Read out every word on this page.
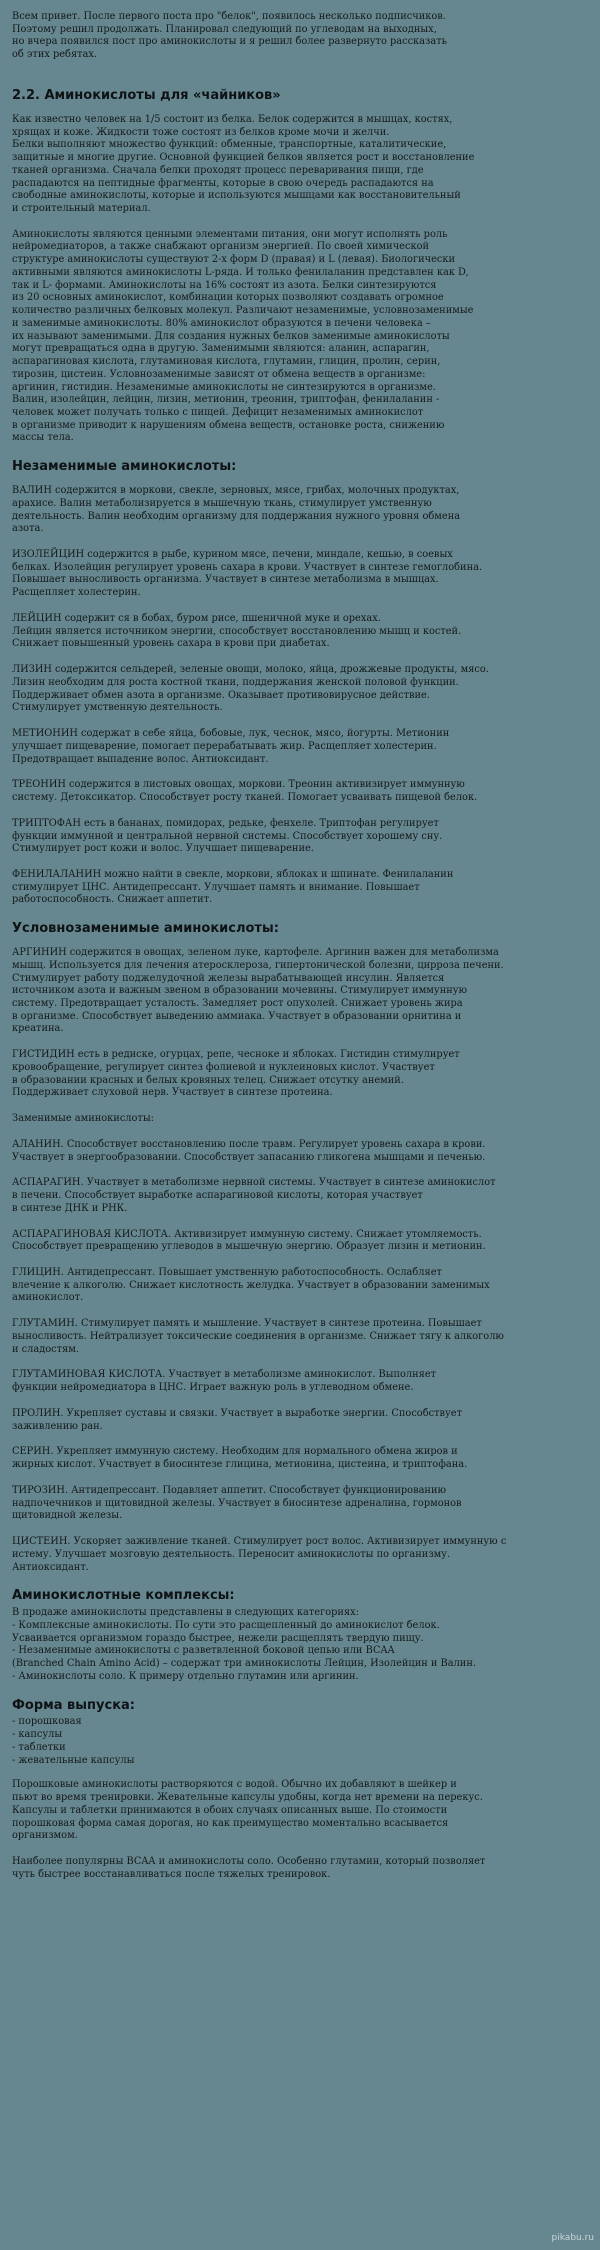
Всем привет. После первого поста про "белок", появилось несколько подписчиков.
Поэтому решил продолжать. Планировал следующий по углеводам на выходных,
но вчера появился пост про аминокислоты и я решил более развернуто рассказать
об этих ребятах.

2.2. Аминокислоты для «чайников»

Как известно человек на 1/5 состоит из белка. Белок содержится в мышцах, костях,
хрящах и коже. Жидкости тоже состоят из белков кроме мочи и желчи.
Белки выполняют множество функций: обменные, транспортные, каталитические,
защитные и многие другие. Основной функцией белков является рост и восстановление
тканей организма. Сначала белки проходят процесс переваривания пищи, где
распадаются на пептидные фрагменты, которые в свою очередь распадаются на
свободные аминокислоты, которые и используются мышцами как восстановительный
и строительный материал.

Аминокислоты являются ценными элементами питания, они могут исполнять роль
нейромедиаторов, а также снабжают организм энергией. По своей химической
структуре аминокислоты существуют 2-х форм D (правая) и L (левая). Биологически
активными являются аминокислоты L-ряда. И только фенилаланин представлен как D,
так и L- формами. Аминокислоты на 16% состоят из азота. Белки синтезируются
из 20 основных аминокислот, комбинации которых позволяют создавать огромное
количество различных белковых молекул. Различают незаменимые, условнозаменимые
и заменимые аминокислоты. 80% аминокислот образуются в печени человека –
их называют заменимыми. Для создания нужных белков заменимые аминокислоты
могут превращаться одна в другую. Заменимыми являются: аланин, аспарагин,
аспарагиновая кислота, глутаминовая кислота, глутамин, глицин, пролин, серин,
тирозин, цистеин. Условнозаменимые зависят от обмена веществ в организме:
аргинин, гистидин. Незаменимые аминокислоты не синтезируются в организме.
Валин, изолейцин, лейцин, лизин, метионин, треонин, триптофан, фенилаланин -
человек может получать только с пищей. Дефицит незаменимых аминокислот
в организме приводит к нарушениям обмена веществ, остановке роста, снижению
массы тела.

Незаменимые аминокислоты:

ВАЛИН содержится в моркови, свекле, зерновых, мясе, грибах, молочных продуктах,
арахисе. Валин метаболизируется в мышечную ткань, стимулирует умственную
деятельность. Валин необходим организму для поддержания нужного уровня обмена
азота.

ИЗОЛЕЙЦИН содержится в рыбе, курином мясе, печени, миндале, кешью, в соевых
белках. Изолейцин регулирует уровень сахара в крови. Участвует в синтезе гемоглобина.
Повышает выносливость организма. Участвует в синтезе метаболизма в мышцах.
Расщепляет холестерин.

ЛЕЙЦИН содержит ся в бобах, буром рисе, пшеничной муке и орехах.
Лейцин является источником энергии, способствует восстановлению мышц и костей.
Снижает повышенный уровень сахара в крови при диабетах.

ЛИЗИН содержится сельдерей, зеленые овощи, молоко, яйца, дрожжевые продукты, мясо.
Лизин необходим для роста костной ткани, поддержания женской половой функции.
Поддерживает обмен азота в организме. Оказывает противовирусное действие.
Стимулирует умственную деятельность.

МЕТИОНИН содержат в себе яйца, бобовые, лук, чеснок, мясо, йогурты. Метионин
улучшает пищеварение, помогает перерабатывать жир. Расщепляет холестерин.
Предотвращает выпадение волос. Антиоксидант.

ТРЕОНИН содержится в листовых овощах, моркови. Треонин активизирует иммунную
систему. Детоксикатор. Способствует росту тканей. Помогает усваивать пищевой белок.

ТРИПТОФАН есть в бананах, помидорах, редьке, фенхеле. Триптофан регулирует
функции иммунной и центральной нервной системы. Способствует хорошему сну.
Стимулирует рост кожи и волос. Улучшает пищеварение.

ФЕНИЛАЛАНИН можно найти в свекле, моркови, яблоках и шпинате. Фенилаланин
стимулирует ЦНС. Антидепрессант. Улучшает память и внимание. Повышает
работоспособность. Снижает аппетит.

Условнозаменимые аминокислоты:

АРГИНИН содержится в овощах, зеленом луке, картофеле. Аргинин важен для метаболизма
мышц. Используется для лечения атеросклероза, гипертонической болезни, цирроза печени.
Стимулирует работу поджелудочной железы вырабатывающей инсулин. Является
источником азота и важным звеном в образовании мочевины. Стимулирует иммунную
систему. Предотвращает усталость. Замедляет рост опухолей. Снижает уровень жира
в организме. Способствует выведению аммиака. Участвует в образовании орнитина и
креатина.

ГИСТИДИН есть в редиске, огурцах, репе, чесноке и яблоках. Гистидин стимулирует
кровообращение, регулирует синтез фолиевой и нуклеиновых кислот. Участвует
в образовании красных и белых кровяных телец. Снижает отсутку анемий.
Поддерживает слуховой нерв. Участвует в синтезе протеина.

Заменимые аминокислоты:

АЛАНИН. Способствует восстановлению после травм. Регулирует уровень сахара в крови.
Участвует в энергообразовании. Способствует запасанию гликогена мышцами и печенью.

АСПАРАГИН. Участвует в метаболизме нервной системы. Участвует в синтезе аминокислот
в печени. Способствует выработке аспарагиновой кислоты, которая участвует
в синтезе ДНК и РНК.

АСПАРАГИНОВАЯ КИСЛОТА. Активизирует иммунную систему. Снижает утомляемость.
Способствует превращению углеводов в мышечную энергию. Образует лизин и метионин.

ГЛИЦИН. Антидепрессант. Повышает умственную работоспособность. Ослабляет
влечение к алкоголю. Снижает кислотность желудка. Участвует в образовании заменимых
аминокислот.

ГЛУТАМИН. Стимулирует память и мышление. Участвует в синтезе протеина. Повышает
выносливость. Нейтрализует токсические соединения в организме. Снижает тягу к алкоголю
и сладостям.

ГЛУТАМИНОВАЯ КИСЛОТА. Участвует в метаболизме аминокислот. Выполняет
функции нейромедиатора в ЦНС. Играет важную роль в углеводном обмене.

ПРОЛИН. Укрепляет суставы и связки. Участвует в выработке энергии. Способствует
заживлению ран.

СЕРИН. Укрепляет иммунную систему. Необходим для нормального обмена жиров и
жирных кислот. Участвует в биосинтезе глицина, метионина, цистеина, и триптофана.

ТИРОЗИН. Антидепрессант. Подавляет аппетит. Способствует функционированию
надпочечников и щитовидной железы. Участвует в биосинтезе адреналина, гормонов
щитовидной железы.

ЦИСТЕИН. Ускоряет заживление тканей. Стимулирует рост волос. Активизирует иммунную с
истему. Улучшает мозговую деятельность. Переносит аминокислоты по организму.
Антиоксидант.

Аминокислотные комплексы:

В продаже аминокислоты представлены в следующих категориях:
- Комплексные аминокислоты. По сути это расщепленный до аминокислот белок.
Усваивается организмом гораздо быстрее, нежели расщеплять твердую пищу.
- Незаменимые аминокислоты с разветвленной боковой цепью или BCAA
(Branched Chain Amino Acid) – содержат три аминокислоты Лейцин, Изолейцин и Валин.
- Аминокислоты соло. К примеру отдельно глутамин или аргинин.

Форма выпуска:
- порошковая
- капсулы
- таблетки
- жевательные капсулы

Порошковые аминокислоты растворяются с водой. Обычно их добавляют в шейкер и
пьют во время тренировки. Жевательные капсулы удобны, когда нет времени на перекус.
Капсулы и таблетки принимаются в обоих случаях описанных выше. По стоимости
порошковая форма самая дорогая, но как преимущество моментально всасывается
организмом.

Наиболее популярны BCAA и аминокислоты соло. Особенно глутамин, который позволяет
чуть быстрее восстанавливаться после тяжелых тренировок.

pikabu.ru
